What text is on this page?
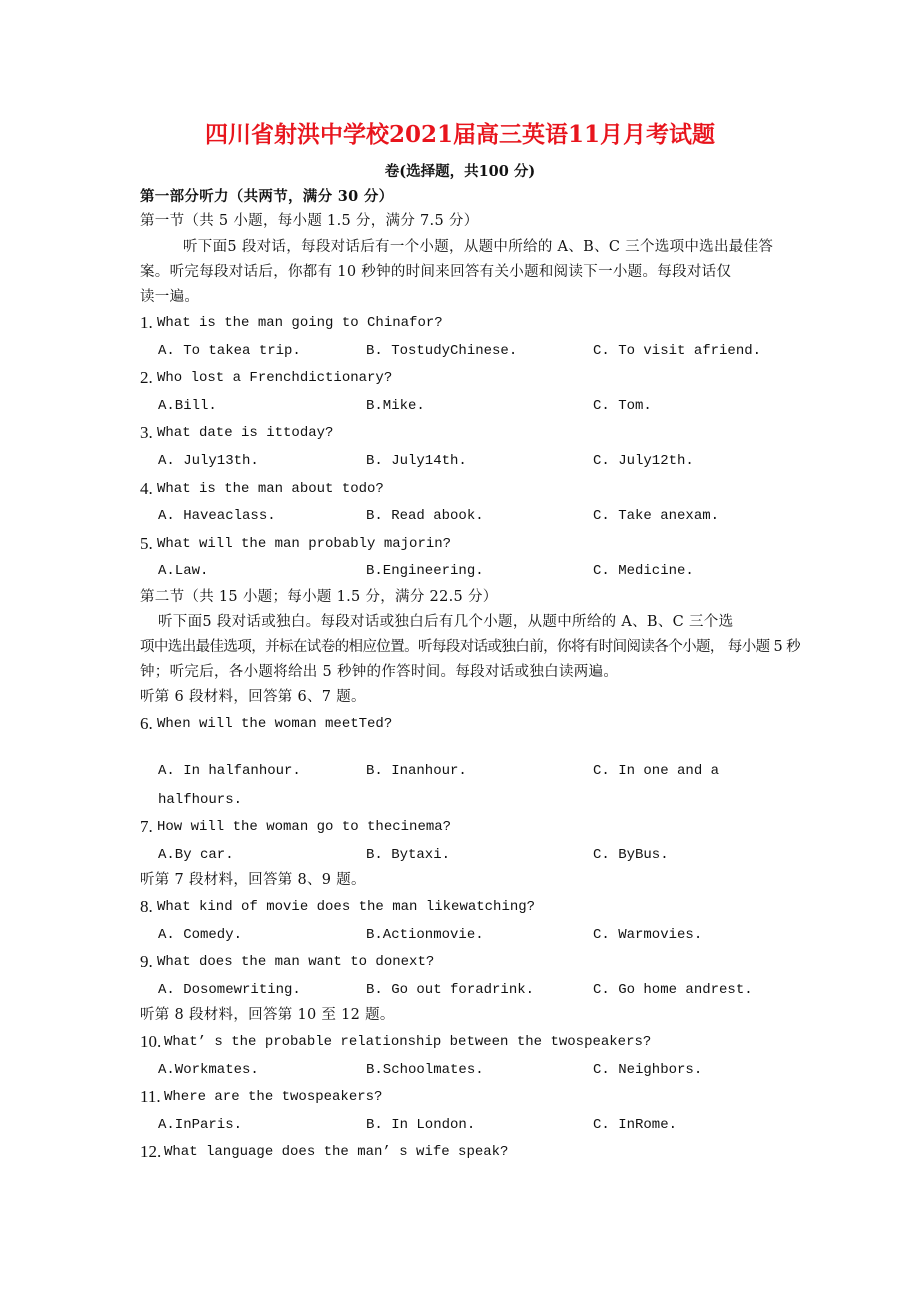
四川省射洪中学校2021届高三英语11月月考试题
卷(选择题，共100 分)
第一部分听力（共两节，满分 30 分）
第一节（共 5 小题，每小题 1.5 分，满分 7.5 分）
听下面5 段对话，每段对话后有一个小题，从题中所给的 A、B、C 三个选项中选出最佳答
案。听完每段对话后，你都有 10 秒钟的时间来回答有关小题和阅读下一小题。每段对话仅
读一遍。
第二节（共 15 小题；每小题 1.5 分，满分 22.5 分）
听下面5 段对话或独白。每段对话或独白后有几个小题，从题中所给的 A、B、C 三个选
项中选出最佳选项，并标在试卷的相应位置。听每段对话或独白前，你将有时间阅读各个小题， 每小题 5 秒
钟；听完后，各小题将给出 5 秒钟的作答时间。每段对话或独白读两遍。
听第 6 段材料，回答第 6、7 题。
听第 7 段材料，回答第 8、9 题。
听第 8 段材料，回答第 10 至 12 题。
1. What is the man going to Chinafor?
A. To takea trip.	B. TostudyChinese.	C. To visit afriend.
2. Who lost a Frenchdictionary?
A.Bill.	B.Mike.	C. Tom.
3. What date is ittoday?
A. July13th.	B. July14th.	C. July12th.
4. What is the man about todo?
A. Haveaclass.	B. Read abook.	C. Take anexam.
5. What will the man probably majorin?
A.Law.	B.Engineering.	C. Medicine.
6. When will the woman meetTed?
A. In halfanhour.	B. Inanhour.	C. In one and a
halfhours.
7. How will the woman go to thecinema?
A.By car.	B. Bytaxi.	C. ByBus.
8. What kind of movie does the man likewatching?
A. Comedy.	B.Actionmovie.	C. Warmovies.
9. What does the man want to donext?
A. Dosomewriting.	B. Go out foradrink.	C. Go home andrest.
10. What’ s the probable relationship between the twospeakers?
A.Workmates.	B.Schoolmates.	C. Neighbors.
11. Where are the twospeakers?
A.InParis.	B. In London.	C. InRome.
12. What language does the man’ s wife speak?
